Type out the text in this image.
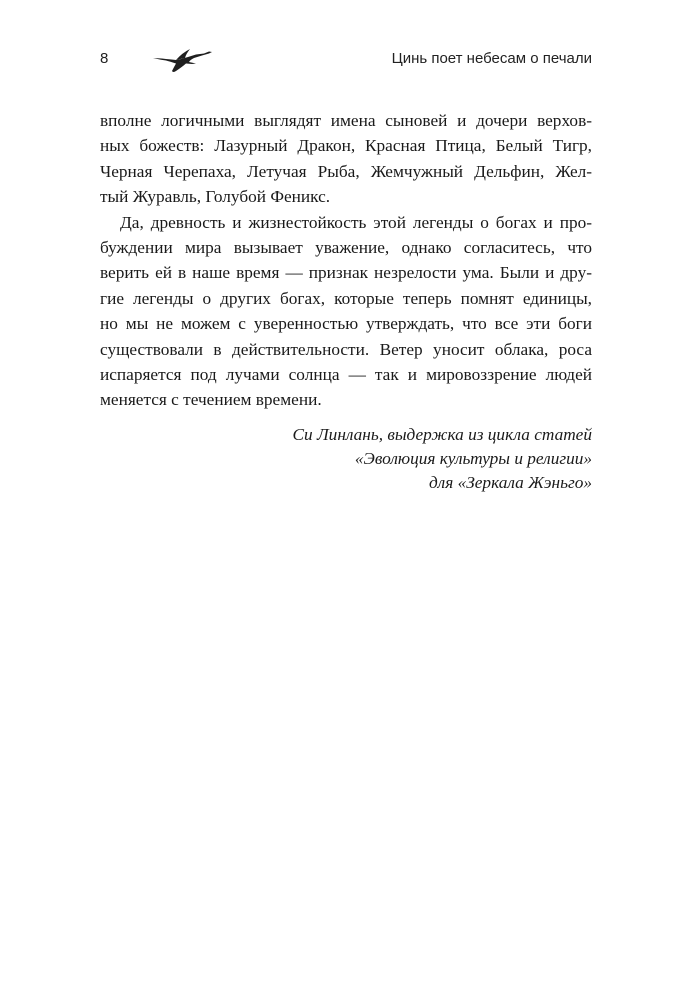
8	Цинь поет небесам о печали

вполне логичными выглядят имена сыновей и дочери верхов-
ных божеств: Лазурный Дракон, Красная Птица, Белый Тигр,
Черная Черепаха, Летучая Рыба, Жемчужный Дельфин, Жел-
тый Журавль, Голубой Феникс.

Да, древность и жизнестойкость этой легенды о богах и про-
буждении мира вызывает уважение, однако согласитесь, что
верить ей в наше время — признак незрелости ума. Были и дру-
гие легенды о других богах, которые теперь помнят единицы,
но мы не можем с уверенностью утверждать, что все эти боги
существовали в действительности. Ветер уносит облака, роса
испаряется под лучами солнца — так и мировоззрение людей
меняется с течением времени.

Си Линлань, выдержка из цикла статей
«Эволюция культуры и религии»
для «Зеркала Жэньго»
